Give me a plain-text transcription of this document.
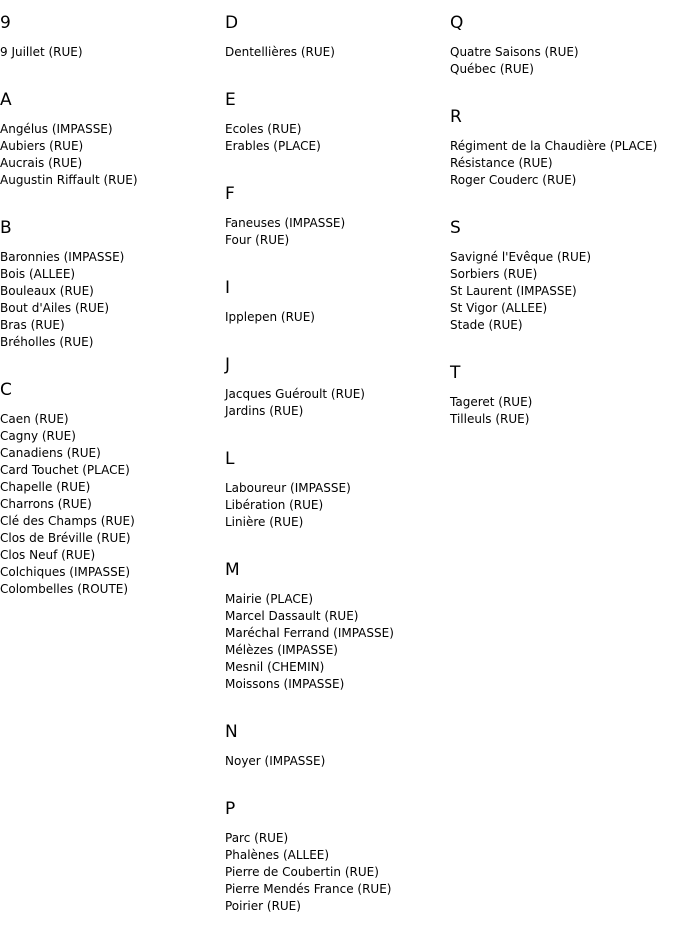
9
9 Juillet (RUE)
A
Angélus (IMPASSE)
Aubiers (RUE)
Aucrais (RUE)
Augustin Riffault (RUE)
B
Baronnies (IMPASSE)
Bois (ALLEE)
Bouleaux (RUE)
Bout d'Ailes (RUE)
Bras (RUE)
Bréholles (RUE)
C
Caen (RUE)
Cagny (RUE)
Canadiens (RUE)
Card Touchet (PLACE)
Chapelle (RUE)
Charrons (RUE)
Clé des Champs (RUE)
Clos de Bréville (RUE)
Clos Neuf (RUE)
Colchiques (IMPASSE)
Colombelles (ROUTE)
D
Dentellières (RUE)
E
Ecoles (RUE)
Erables (PLACE)
F
Faneuses (IMPASSE)
Four (RUE)
I
Ipplepen (RUE)
J
Jacques Guéroult (RUE)
Jardins (RUE)
L
Laboureur (IMPASSE)
Libération (RUE)
Linière (RUE)
M
Mairie (PLACE)
Marcel Dassault (RUE)
Maréchal Ferrand (IMPASSE)
Mélèzes (IMPASSE)
Mesnil (CHEMIN)
Moissons (IMPASSE)
N
Noyer (IMPASSE)
P
Parc (RUE)
Phalènes (ALLEE)
Pierre de Coubertin (RUE)
Pierre Mendés France (RUE)
Poirier (RUE)
Q
Quatre Saisons (RUE)
Québec (RUE)
R
Régiment de la Chaudière (PLACE)
Résistance (RUE)
Roger Couderc (RUE)
S
Savigné l'Evêque (RUE)
Sorbiers (RUE)
St Laurent (IMPASSE)
St Vigor (ALLEE)
Stade (RUE)
T
Tageret (RUE)
Tilleuls (RUE)
